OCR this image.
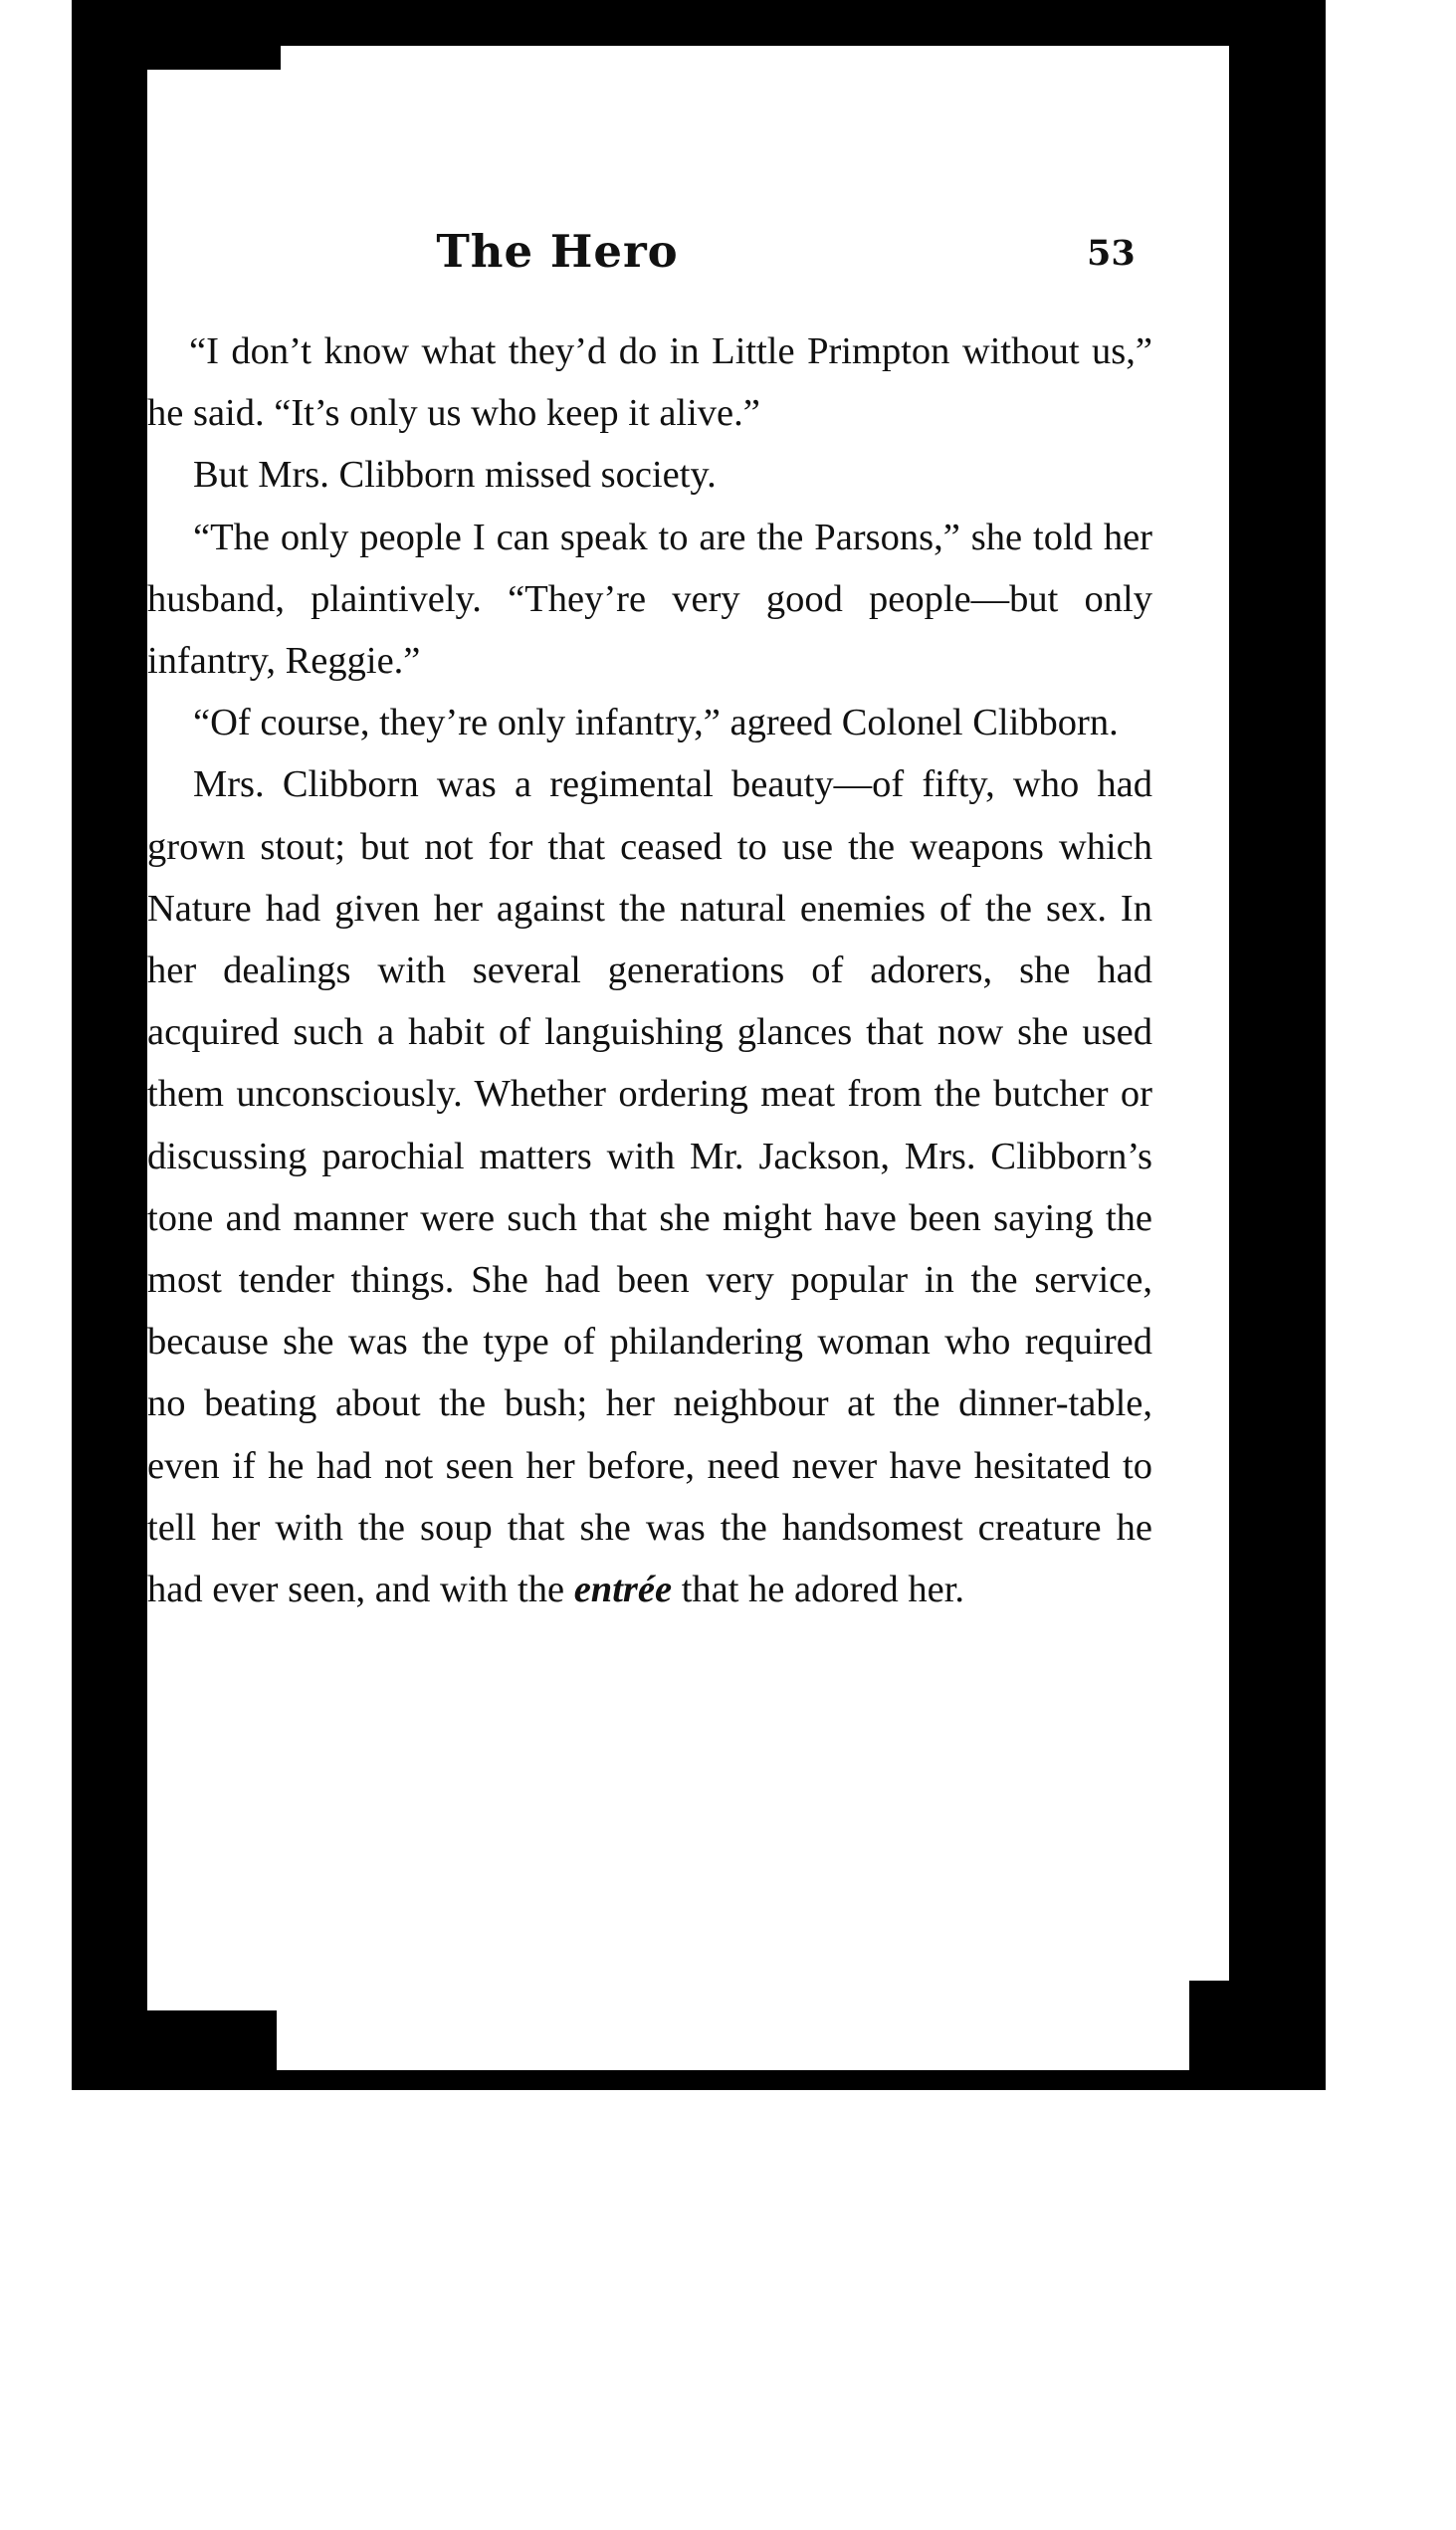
The Hero	53

“I don’t know what they’d do in Little Primpton without us,” he said. “It’s only us who keep it alive.”

But Mrs. Clibborn missed society.

“The only people I can speak to are the Parsons,” she told her husband, plaintively. “They’re very good people—but only infantry, Reggie.”

“Of course, they’re only infantry,” agreed Colonel Clibborn.

Mrs. Clibborn was a regimental beauty—of fifty, who had grown stout; but not for that ceased to use the weapons which Nature had given her against the natural enemies of the sex. In her dealings with several generations of adorers, she had acquired such a habit of languishing glances that now she used them unconsciously. Whether ordering meat from the butcher or discussing parochial matters with Mr. Jackson, Mrs. Clibborn’s tone and manner were such that she might have been saying the most tender things. She had been very popular in the service, because she was the type of philandering woman who required no beating about the bush; her neighbour at the dinner-table, even if he had not seen her before, need never have hesitated to tell her with the soup that she was the handsomest creature he had ever seen, and with the entrée that he adored her.
